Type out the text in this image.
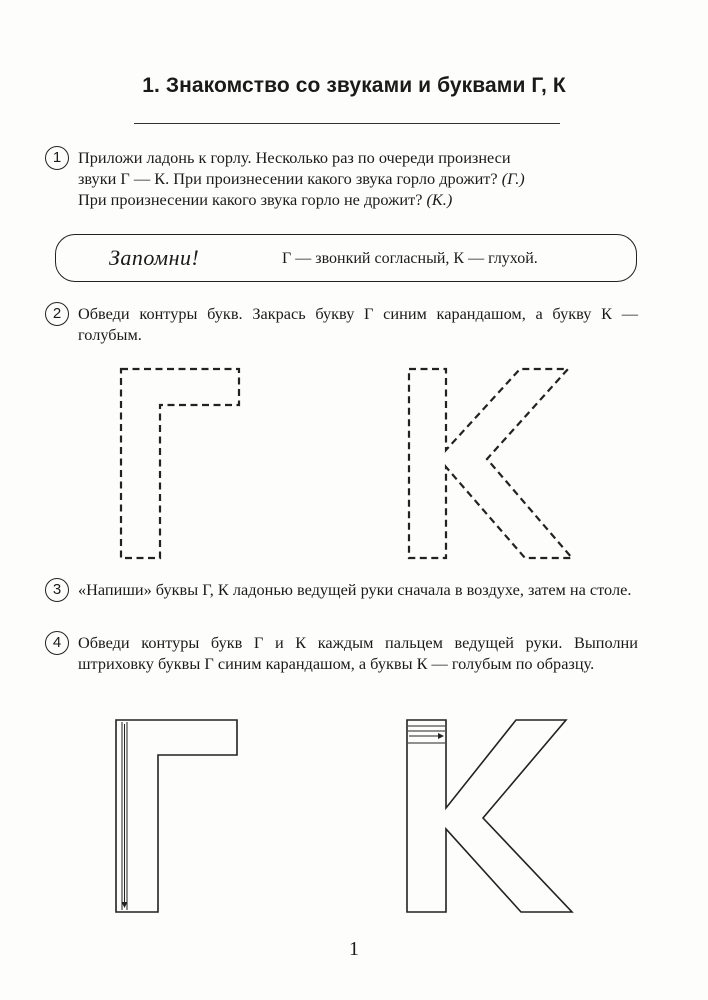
1. Знакомство со звуками и буквами Г, К
1	Приложи ладонь к горлу. Несколько раз по очереди произнеси
звуки Г — К. При произнесении какого звука горло дрожит? (Г.)
При произнесении какого звука горло не дрожит? (К.)
Запомни!	Г — звонкий согласный, К — глухой.
2	Обведи контуры букв. Закрась букву Г синим карандашом, а букву К — голубым.
3	«Напиши» буквы Г, К ладонью ведущей руки сначала в воздухе, затем на столе.
4	Обведи контуры букв Г и К каждым пальцем ведущей руки. Выполни штриховку буквы Г синим карандашом, а буквы К — голубым по образцу.
1
